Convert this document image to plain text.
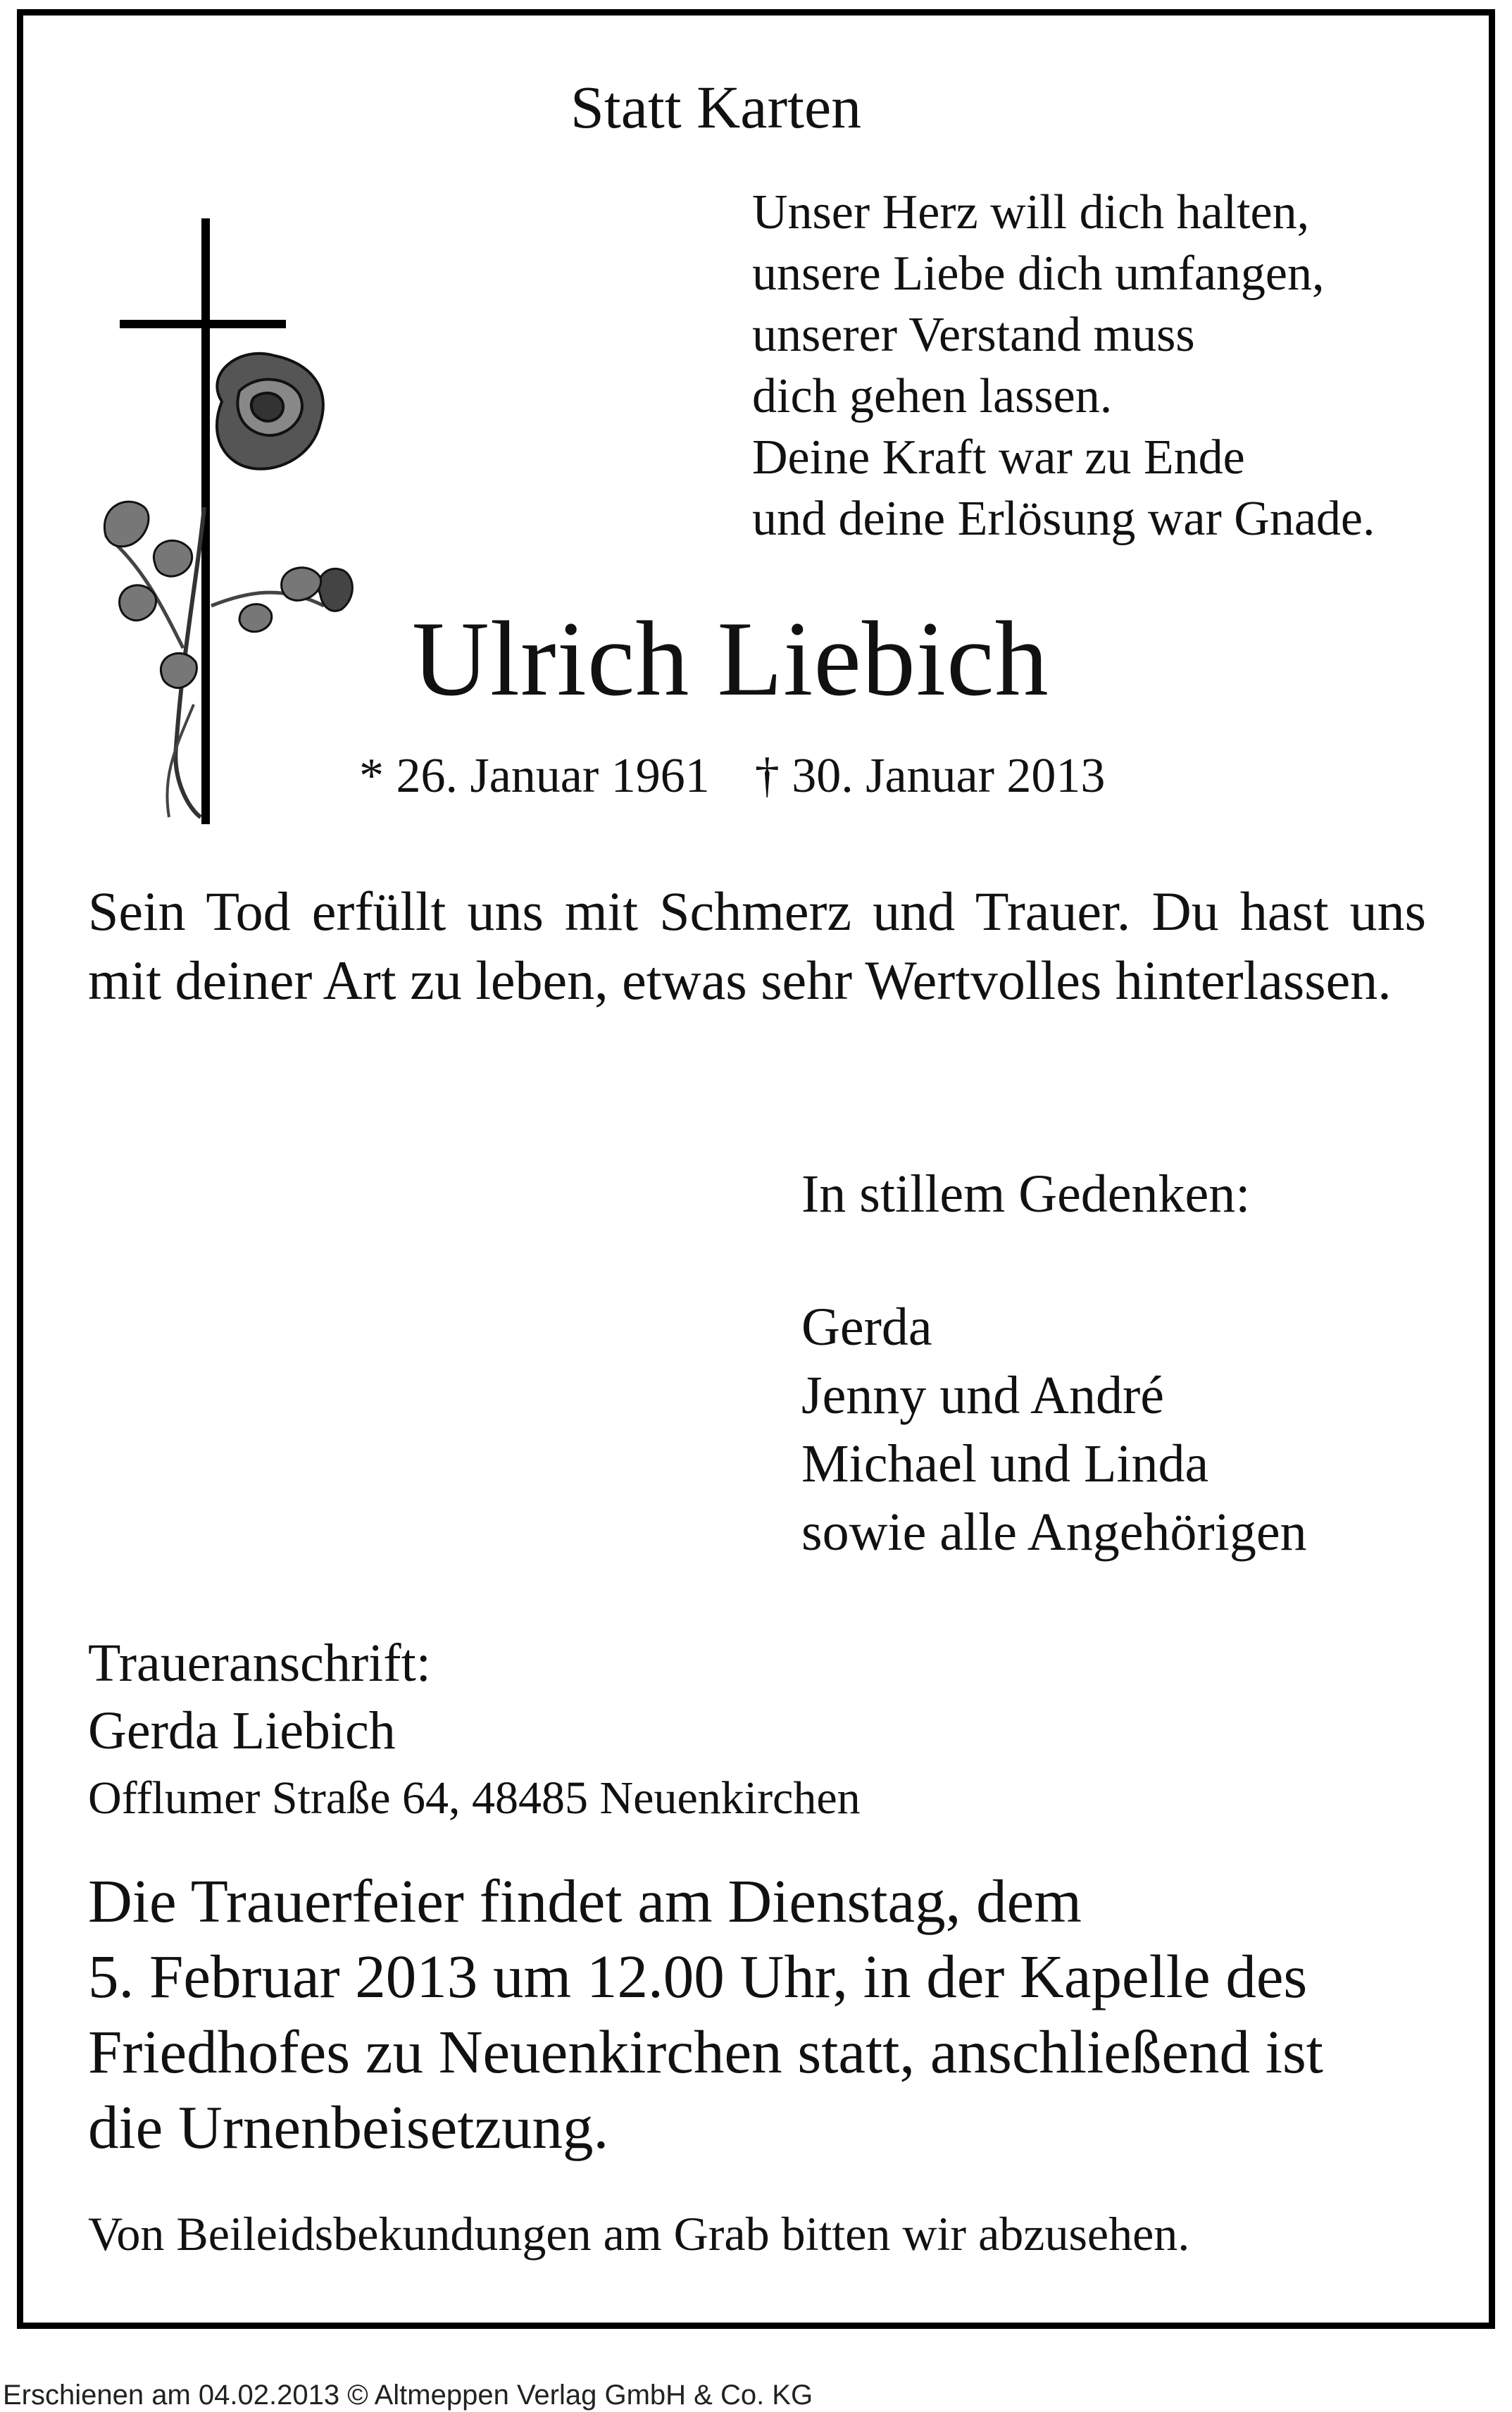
Statt Karten

Unser Herz will dich halten,
unsere Liebe dich umfangen,
unserer Verstand muss
dich gehen lassen.
Deine Kraft war zu Ende
und deine Erlösung war Gnade.

Ulrich Liebich

* 26. Januar 1961 † 30. Januar 2013

Sein Tod erfüllt uns mit Schmerz und Trauer. Du hast uns mit deiner Art zu leben, etwas sehr Wertvolles hinterlassen.

In stillem Gedenken:

Gerda
Jenny und André
Michael und Linda
sowie alle Angehörigen

Traueranschrift:

Gerda Liebich

Offlumer Straße 64, 48485 Neuenkirchen

Die Trauerfeier findet am Dienstag, dem
5. Februar 2013 um 12.00 Uhr, in der Kapelle des
Friedhofes zu Neuenkirchen statt, anschließend ist
die Urnenbeisetzung.

Von Beileidsbekundungen am Grab bitten wir abzusehen.

Erschienen am 04.02.2013 © Altmeppen Verlag GmbH & Co. KG
